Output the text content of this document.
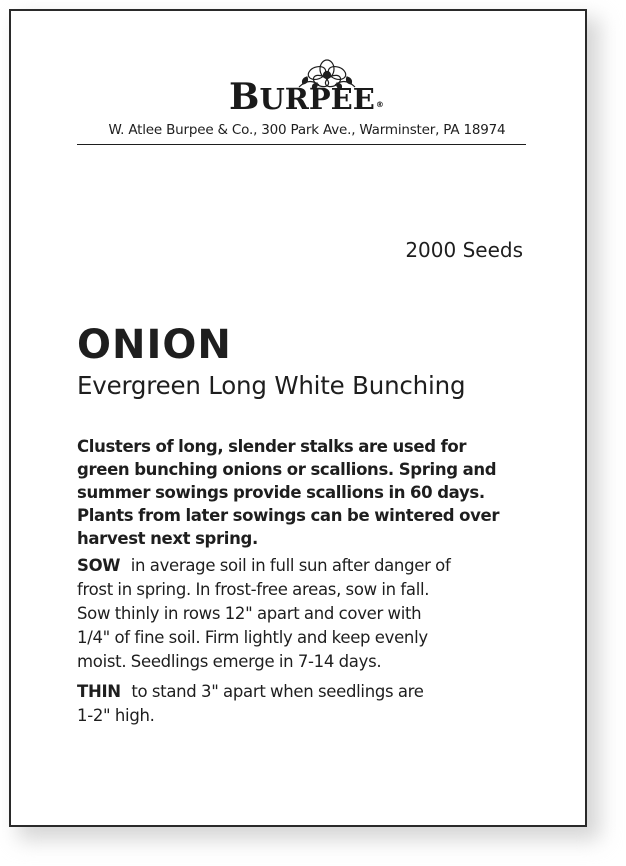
BURPEE®
W. Atlee Burpee & Co., 300 Park Ave., Warminster, PA 18974
2000 Seeds
ONION
Evergreen Long White Bunching
Clusters of long, slender stalks are used for
green bunching onions or scallions. Spring and
summer sowings provide scallions in 60 days.
Plants from later sowings can be wintered over
harvest next spring.
SOW in average soil in full sun after danger of
frost in spring. In frost-free areas, sow in fall.
Sow thinly in rows 12" apart and cover with
1/4" of fine soil. Firm lightly and keep evenly
moist. Seedlings emerge in 7-14 days.
THIN to stand 3" apart when seedlings are
1-2" high.
